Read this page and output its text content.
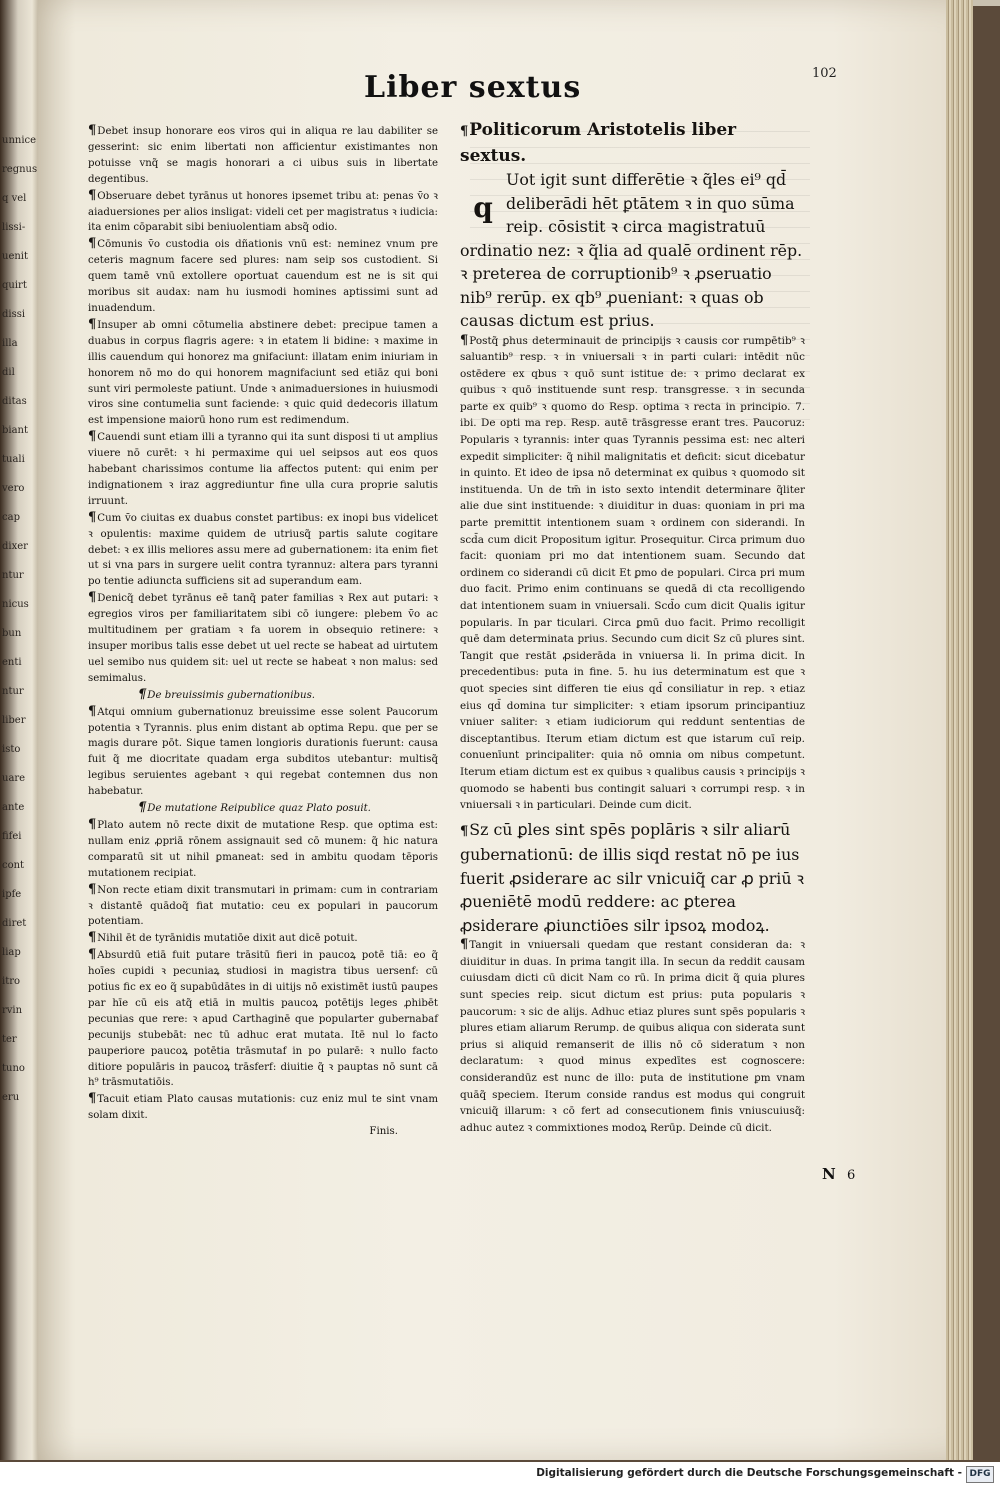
unnice
regnus
q vel
lissi-
uenit
quirt
dissi
illa
dil
ditas
biant
tuali
vero
cap
dixer
ntur
nicus
bun
enti
ntur
liber
isto
uare
ante
fifei
cont
ipfe
diret
liap
itro
rvin
ter
tuno
eru
Liber sextus	102

¶Debet insup honorare eos viros qui in aliqua re lau dabiliter se gesserint: sic enim libertati non afficientur existimantes non potuisse vnq̃ se magis honorari a ci uibus suis in libertate degentibus.

¶Obseruare debet tyrānus ut honores ipsemet tribu at: penas v̄o ꝛ aiaduersiones per alios insligat: videli cet per magistratus ꝛ iudicia: ita enim cōparabit sibi beniuolentiam absq̃ odio.

¶Cōmunis v̄o custodia ois dñationis vnū est: neminez vnum pre ceteris magnum facere sed plures: nam seip sos custodient. Si quem tamē vnū extollere oportuat cauendum est ne is sit qui moribus sit audax: nam hu iusmodi homines aptissimi sunt ad inuadendum.

¶Insuper ab omni cōtumelia abstinere debet: precipue tamen a duabus in corpus flagris agere: ꝛ in etatem li bidine: ꝛ maxime in illis cauendum qui honorez ma gnifaciunt: illatam enim iniuriam in honorem nō mo do qui honorem magnifaciunt sed etiāz qui boni sunt viri permoleste patiunt. Unde ꝛ animaduersiones in huiusmodi viros sine contumelia sunt faciende: ꝛ quic quid dedecoris illatum est impensione maiorū hono rum est redimendum.

¶Cauendi sunt etiam illi a tyranno qui ita sunt disposi ti ut amplius viuere nō curēt: ꝛ hi permaxime qui uel seipsos aut eos quos habebant charissimos contume lia affectos putent: qui enim per indignationem ꝛ iraz aggrediuntur fine ulla cura proprie salutis irruunt.

¶Cum v̄o ciuitas ex duabus constet partibus: ex inopi bus videlicet ꝛ opulentis: maxime quidem de utriusq̃ partis salute cogitare debet: ꝛ ex illis meliores assu mere ad gubernationem: ita enim fiet ut si vna pars in surgere uelit contra tyrannuz: altera pars tyranni po tentie adiuncta sufficiens sit ad superandum eam.

¶Denicq̃ debet tyrānus eē tanq̃ pater familias ꝛ Rex aut putari: ꝛ egregios viros per familiaritatem sibi cō iungere: plebem v̄o ac multitudinem per gratiam ꝛ fa uorem in obsequio retinere: ꝛ insuper moribus talis esse debet ut uel recte se habeat ad uirtutem uel semibo nus quidem sit: uel ut recte se habeat ꝛ non malus: sed semimalus.

¶De breuissimis gubernationibus.

¶Atqui omnium gubernationuz breuissime esse solent Paucorum potentia ꝛ Tyrannis. plus enim distant ab optima Repu. que per se magis durare pōt. Sique tamen longioris durationis fuerunt: causa fuit q̃ me diocritate quadam erga subditos utebantur: multisq̃ legibus seruientes agebant ꝛ qui regebat contemnen dus non habebatur.

¶De mutatione Reipublice quaz Plato posuit.

¶Plato autem nō recte dixit de mutatione Resp. que optima est: nullam eniz ꝓpriā rōnem assignauit sed cō munem: q̃ hic natura comparatū sit ut nihil ꝑmaneat: sed in ambitu quodam tēporis mutationem recipiat.

¶Non recte etiam dixit transmutari in ꝑrimam: cum in contrariam ꝛ distantē quādoq̃ fiat mutatio: ceu ex populari in paucorum potentiam.

¶Nihil ēt de tyrānidis mutatiōe dixit aut dicē potuit.

¶Absurdū etiā fuit putare trāsitū fieri in paucoꝝ potē tiā: eo q̃ hoīes cupidi ꝛ pecuniaꝝ studiosi in magistra tibus uersenf: cū potius fic ex eo q̃ supabūdātes in di uitijs nō existimēt iustū paupes par hīe cū eis atq̃ etiā in multis paucoꝝ potētijs leges ꝓhibēt pecunias que rere: ꝛ apud Carthaginē que popularter gubernabaf pecunijs stubebāt: nec tū adhuc erat mutata. Itē nul lo facto pauperiore paucoꝝ potētia trāsmutaf in po pularē: ꝛ nullo facto ditiore populāris in paucoꝝ trāsferf: diuitie q̃ ꝛ pauptas nō sunt cā h⁹ trāsmutatiōis.

¶Tacuit etiam Plato causas mutationis: cuz eniz mul te sint vnam solam dixit.

Finis.

¶Politicorum Aristotelis liber sextus.

q
Uot igit sunt differētie ꝛ q̃les ei⁹ qd̄ deliberādi hēt ꝑtātem ꝛ in quo sūma reip. cōsistit ꝛ circa magistratuū ordinatio nez: ꝛ q̃lia ad qualē ordinent rēp. ꝛ preterea de corruptionib⁹ ꝛ ꝓseruatio nib⁹ rerūp. ex qb⁹ ꝓueniant: ꝛ quas ob causas dictum est prius.

¶Postq̃ ꝑhus determinauit de principijs ꝛ causis cor rumpētib⁹ ꝛ saluantib⁹ resp. ꝛ in vniuersali ꝛ in parti culari: intēdit nūc ostēdere ex qbus ꝛ quō sunt istitue de: ꝛ primo declarat ex quibus ꝛ quō instituende sunt resp. transgresse. ꝛ in secunda parte ex quib⁹ ꝛ quomo do Resp. optima ꝛ recta in principio. 7. ibi. De opti ma rep. Resp. autē trāsgresse erant tres. Paucoruz: Popularis ꝛ tyrannis: inter quas Tyrannis pessima est: nec alteri expedit simpliciter: q̃ nihil malignitatis et deficit: sicut dicebatur in quinto. Et ideo de ipsa nō determinat ex quibus ꝛ quomodo sit instituenda. Un de tm̄ in isto sexto intendit determinare q̃liter alie due sint instituende: ꝛ diuiditur in duas: quoniam in pri ma parte premittit intentionem suam ꝛ ordinem con siderandi. In scd̄a cum dicit Propositum igitur. Prosequitur. Circa primum duo facit: quoniam pri mo dat intentionem suam. Secundo dat ordinem co siderandi cū dicit Et ꝑmo de populari. Circa pri mum duo facit. Primo enim continuans se quedā di cta recolligendo dat intentionem suam in vniuersali. Scd̄o cum dicit Qualis igitur popularis. In par ticulari. Circa ꝑmū duo facit. Primo recolligit quē dam determinata prius. Secundo cum dicit Sz cū plures sint. Tangit que restāt ꝓsiderāda in vniuersa li. In prima dicit. In precedentibus: puta in fine. 5. hu ius determinatum est que ꝛ quot species sint differen tie eius qd̄ consiliatur in rep. ꝛ etiaz eius qd̄ domina tur simpliciter: ꝛ etiam ipsorum principantiuz vniuer saliter: ꝛ etiam iudiciorum qui reddunt sententias de disceptantibus. Iterum etiam dictum est que istarum cuī reip. conuenīunt principaliter: quia nō omnia om nibus competunt. Iterum etiam dictum est ex quibus ꝛ qualibus causis ꝛ principijs ꝛ quomodo se habenti bus contingit saluari ꝛ corrumpi resp. ꝛ in vniuersali ꝛ in particulari. Deinde cum dicit.

¶Sz cū ꝑles sint spēs poplāris ꝛ silr aliarū gubernationū: de illis siqd restat nō pe ius fuerit ꝓsiderare ac silr vnicuiq̃ car ꝓ priū ꝛ ꝓueniētē modū reddere: ac ꝑterea ꝓsiderare ꝓiunctiōes silr ipsoꝝ modoꝝ.

¶Tangit in vniuersali quedam que restant consideran da: ꝛ diuiditur in duas. In prima tangit illa. In secun da reddit causam cuiusdam dicti cū dicit Nam co rū. In prima dicit q̃ quia plures sunt species reip. sicut dictum est prius: puta popularis ꝛ paucorum: ꝛ sic de alijs. Adhuc etiaz plures sunt spēs popularis ꝛ plures etiam aliarum Rerump. de quibus aliqua con siderata sunt prius si aliquid remanserit de illis nō cō sideratum ꝛ non declaratum: ꝛ quod minus expedītes est cognoscere: considerandūz est nunc de illo: puta de institutione ꝑm vnam quāq̃ speciem. Iterum conside randus est modus qui congruit vnicuiq̃ illarum: ꝛ cō fert ad consecutionem finis vniuscuiusq̃: adhuc autez ꝛ commixtiones modoꝝ Rerūp. Deinde cū dicit.

N 6
Digitalisierung gefördert durch die Deutsche Forschungsgemeinschaft - DFG
